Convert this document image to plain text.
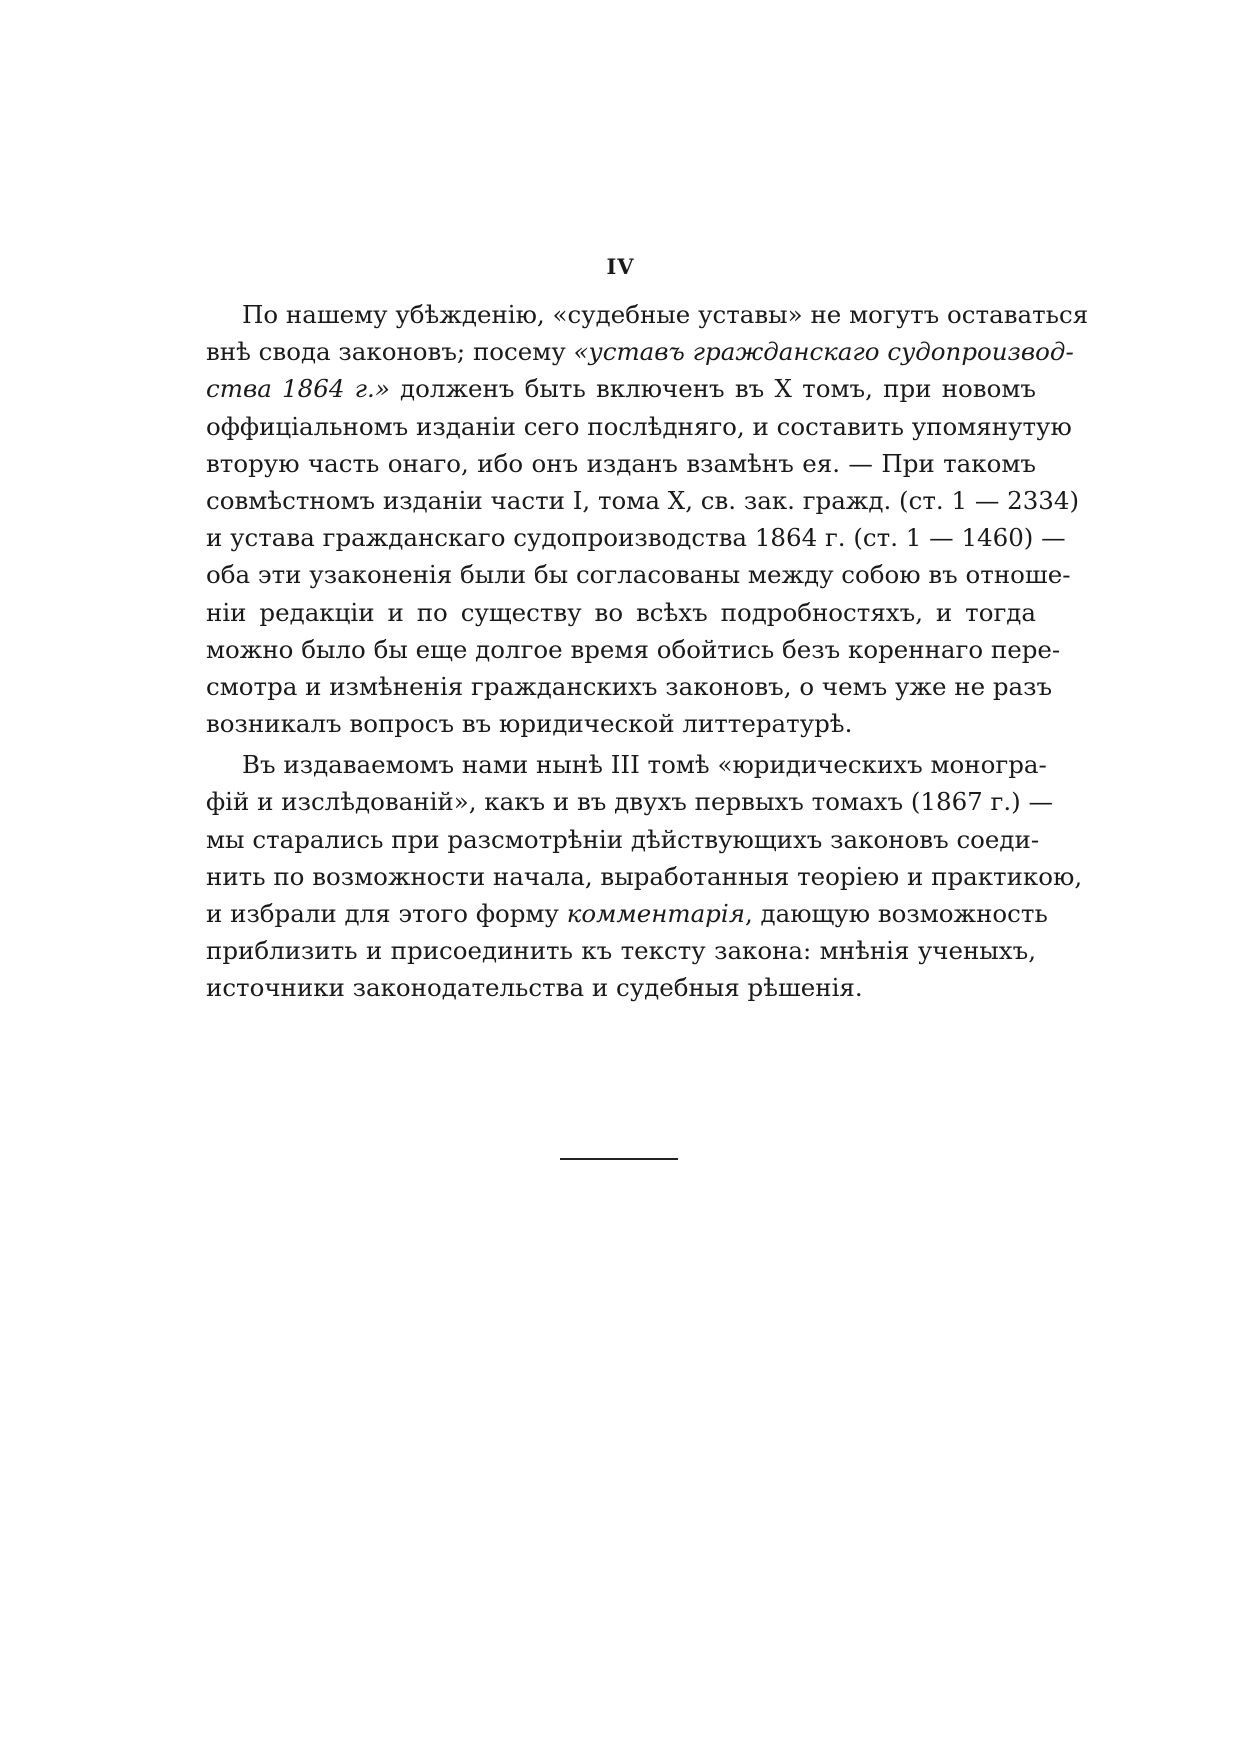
IV
По нашему убѣжденію, «судебные уставы» не могутъ оставаться
внѣ свода законовъ; посему «уставъ гражданскаго судопроизвод-
ства 1864 г.» долженъ быть включенъ въ X томъ, при новомъ
оффиціальномъ изданіи сего послѣдняго, и составить упомянутую
вторую часть онаго, ибо онъ изданъ взамѣнъ ея. — При такомъ
совмѣстномъ изданіи части I, тома X, св. зак. гражд. (ст. 1 — 2334)
и устава гражданскаго судопроизводства 1864 г. (ст. 1 — 1460) —
оба эти узаконенія были бы согласованы между собою въ отноше-
ніи редакціи и по существу во всѣхъ подробностяхъ, и тогда
можно было бы еще долгое время обойтись безъ кореннаго пере-
смотра и измѣненія гражданскихъ законовъ, о чемъ уже не разъ
возникалъ вопросъ въ юридической литтературѣ.
Въ издаваемомъ нами нынѣ III томѣ «юридическихъ моногра-
фій и изслѣдованій», какъ и въ двухъ первыхъ томахъ (1867 г.) —
мы старались при разсмотрѣніи дѣйствующихъ законовъ соеди-
нить по возможности начала, выработанныя теоріею и практикою,
и избрали для этого форму комментарія, дающую возможность
приблизить и присоединить къ тексту закона: мнѣнія ученыхъ,
источники законодательства и судебныя рѣшенія.
